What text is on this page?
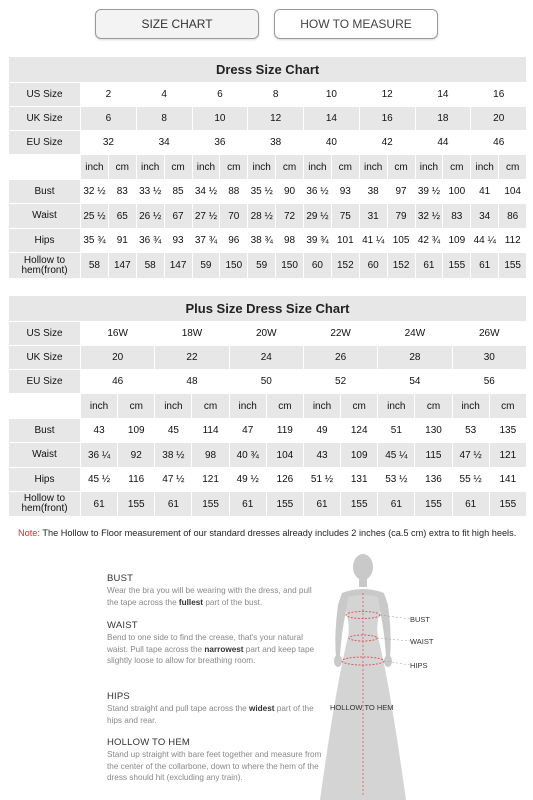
SIZE CHART	HOW TO MEASURE
Dress Size Chart																
US Size	2		4		6		8		10		12		14		16	
UK Size	6		8		10		12		14		16		18		20	
EU Size	32		34		36		38		40		42		44		46	
	inch	cm	inch	cm	inch	cm	inch	cm	inch	cm	inch	cm	inch	cm	inch	cm
Bust	32 ½	83	33 ½	85	34 ½	88	35 ½	90	36 ½	93	38	97	39 ½	100	41	104
Waist	25 ½	65	26 ½	67	27 ½	70	28 ½	72	29 ½	75	31	79	32 ½	83	34	86
Hips	35 ¾	91	36 ¾	93	37 ¾	96	38 ¾	98	39 ¾	101	41 ¼	105	42 ¾	109	44 ¼	112
Hollow to hem(front)	58	147	58	147	59	150	59	150	60	152	60	152	61	155	61	155
Plus Size Dress Size Chart												
US Size	16W		18W		20W		22W		24W		26W	
UK Size	20		22		24		26		28		30	
EU Size	46		48		50		52		54		56	
	inch	cm	inch	cm	inch	cm	inch	cm	inch	cm	inch	cm
Bust	43	109	45	114	47	119	49	124	51	130	53	135
Waist	36 ¼	92	38 ½	98	40 ¾	104	43	109	45 ¼	115	47 ½	121
Hips	45 ½	116	47 ½	121	49 ½	126	51 ½	131	53 ½	136	55 ½	141
Hollow to hem(front)	61	155	61	155	61	155	61	155	61	155	61	155
Note: The Hollow to Floor measurement of our standard dresses already includes 2 inches (ca.5 cm) extra to fit high heels.
BUST
Wear the bra you will be wearing with the dress, and pull the tape across the fullest part of the bust.
WAIST
Bend to one side to find the crease, that's your natural waist. Pull tape across the narrowest part and keep tape slightly loose to allow for breathing room.
HIPS
Stand straight and pull tape across the widest part of the hips and rear.
HOLLOW TO HEM
Stand up straight with bare feet together and measure from the center of the collarbone, down to where the hem of the dress should hit (excluding any train).
BUST
WAIST
HIPS
HOLLOW TO HEM
